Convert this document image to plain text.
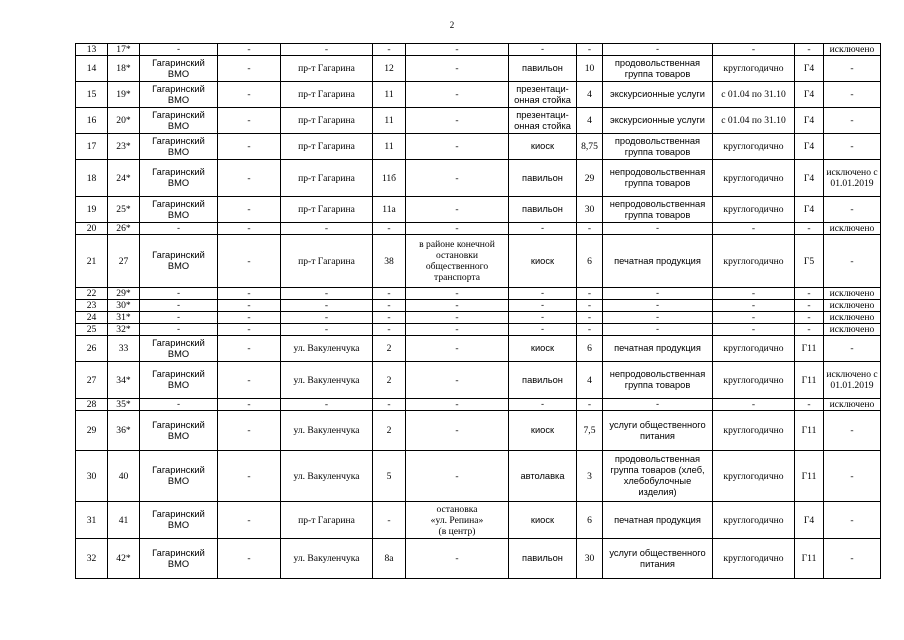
2
13	17*	-	-	-	-	-	-	-	-	-	-	исключено
14	18*	Гагаринский
ВМО	-	пр-т Гагарина	12	-	павильон	10	продовольственная
группа товаров	круглогодично	Г4	-
15	19*	Гагаринский
ВМО	-	пр-т Гагарина	11	-	презентаци-
онная стойка	4	экскурсионные услуги	с 01.04 по 31.10	Г4	-
16	20*	Гагаринский
ВМО	-	пр-т Гагарина	11	-	презентаци-
онная стойка	4	экскурсионные услуги	с 01.04 по 31.10	Г4	-
17	23*	Гагаринский
ВМО	-	пр-т Гагарина	11	-	киоск	8,75	продовольственная
группа товаров	круглогодично	Г4	-
18	24*	Гагаринский
ВМО	-	пр-т Гагарина	11б	-	павильон	29	непродовольственная
группа товаров	круглогодично	Г4	исключено с
01.01.2019
19	25*	Гагаринский
ВМО	-	пр-т Гагарина	11а	-	павильон	30	непродовольственная
группа товаров	круглогодично	Г4	-
20	26*	-	-	-	-	-	-	-	-	-	-	исключено
21	27	Гагаринский
ВМО	-	пр-т Гагарина	38	в районе конечной
остановки
общественного
транспорта	киоск	6	печатная продукция	круглогодично	Г5	-
22	29*	-	-	-	-	-	-	-	-	-	-	исключено
23	30*	-	-	-	-	-	-	-	-	-	-	исключено
24	31*	-	-	-	-	-	-	-	-	-	-	исключено
25	32*	-	-	-	-	-	-	-	-	-	-	исключено
26	33	Гагаринский
ВМО	-	ул. Вакуленчука	2	-	киоск	6	печатная продукция	круглогодично	Г11	-
27	34*	Гагаринский
ВМО	-	ул. Вакуленчука	2	-	павильон	4	непродовольственная
группа товаров	круглогодично	Г11	исключено с
01.01.2019
28	35*	-	-	-	-	-	-	-	-	-	-	исключено
29	36*	Гагаринский
ВМО	-	ул. Вакуленчука	2	-	киоск	7,5	услуги общественного
питания	круглогодично	Г11	-
30	40	Гагаринский
ВМО	-	ул. Вакуленчука	5	-	автолавка	3	продовольственная
группа товаров (хлеб,
хлебобулочные
изделия)	круглогодично	Г11	-
31	41	Гагаринский
ВМО	-	пр-т Гагарина	-	остановка
«ул. Репина»
(в центр)	киоск	6	печатная продукция	круглогодично	Г4	-
32	42*	Гагаринский
ВМО	-	ул. Вакуленчука	8а	-	павильон	30	услуги общественного
питания	круглогодично	Г11	-
